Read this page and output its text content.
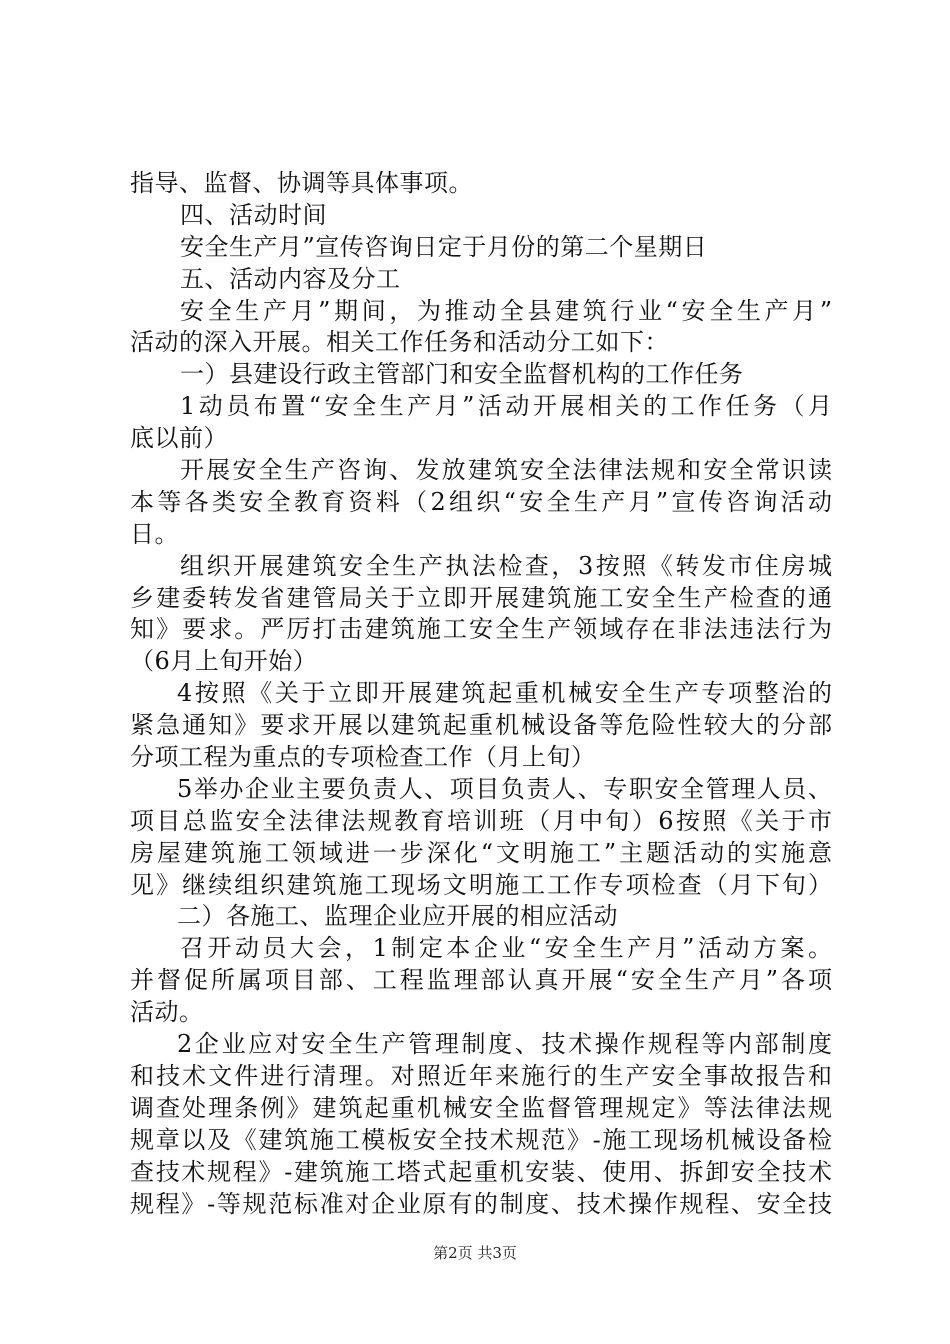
指导、监督、协调等具体事项。
四、活动时间
安全生产月”宣传咨询日定于月份的第二个星期日
五、活动内容及分工
安全生产月”期间，为推动全县建筑行业“安全生产月”
活动的深入开展。相关工作任务和活动分工如下：
一）县建设行政主管部门和安全监督机构的工作任务
1动员布置“安全生产月”活动开展相关的工作任务（月
底以前）
开展安全生产咨询、发放建筑安全法律法规和安全常识读
本等各类安全教育资料（2组织“安全生产月”宣传咨询活动
日。
组织开展建筑安全生产执法检查，3按照《转发市住房城
乡建委转发省建管局关于立即开展建筑施工安全生产检查的通
知》要求。严厉打击建筑施工安全生产领域存在非法违法行为
（6月上旬开始）
4按照《关于立即开展建筑起重机械安全生产专项整治的
紧急通知》要求开展以建筑起重机械设备等危险性较大的分部
分项工程为重点的专项检查工作（月上旬）
5举办企业主要负责人、项目负责人、专职安全管理人员、
项目总监安全法律法规教育培训班（月中旬）6按照《关于市
房屋建筑施工领域进一步深化“文明施工”主题活动的实施意
见》继续组织建筑施工现场文明施工工作专项检查（月下旬）
二）各施工、监理企业应开展的相应活动
召开动员大会，1制定本企业“安全生产月”活动方案。
并督促所属项目部、工程监理部认真开展“安全生产月”各项
活动。
2企业应对安全生产管理制度、技术操作规程等内部制度
和技术文件进行清理。对照近年来施行的生产安全事故报告和
调查处理条例》建筑起重机械安全监督管理规定》等法律法规
规章以及《建筑施工模板安全技术规范》-施工现场机械设备检
查技术规程》-建筑施工塔式起重机安装、使用、拆卸安全技术
规程》-等规范标准对企业原有的制度、技术操作规程、安全技
第2页 共3页
